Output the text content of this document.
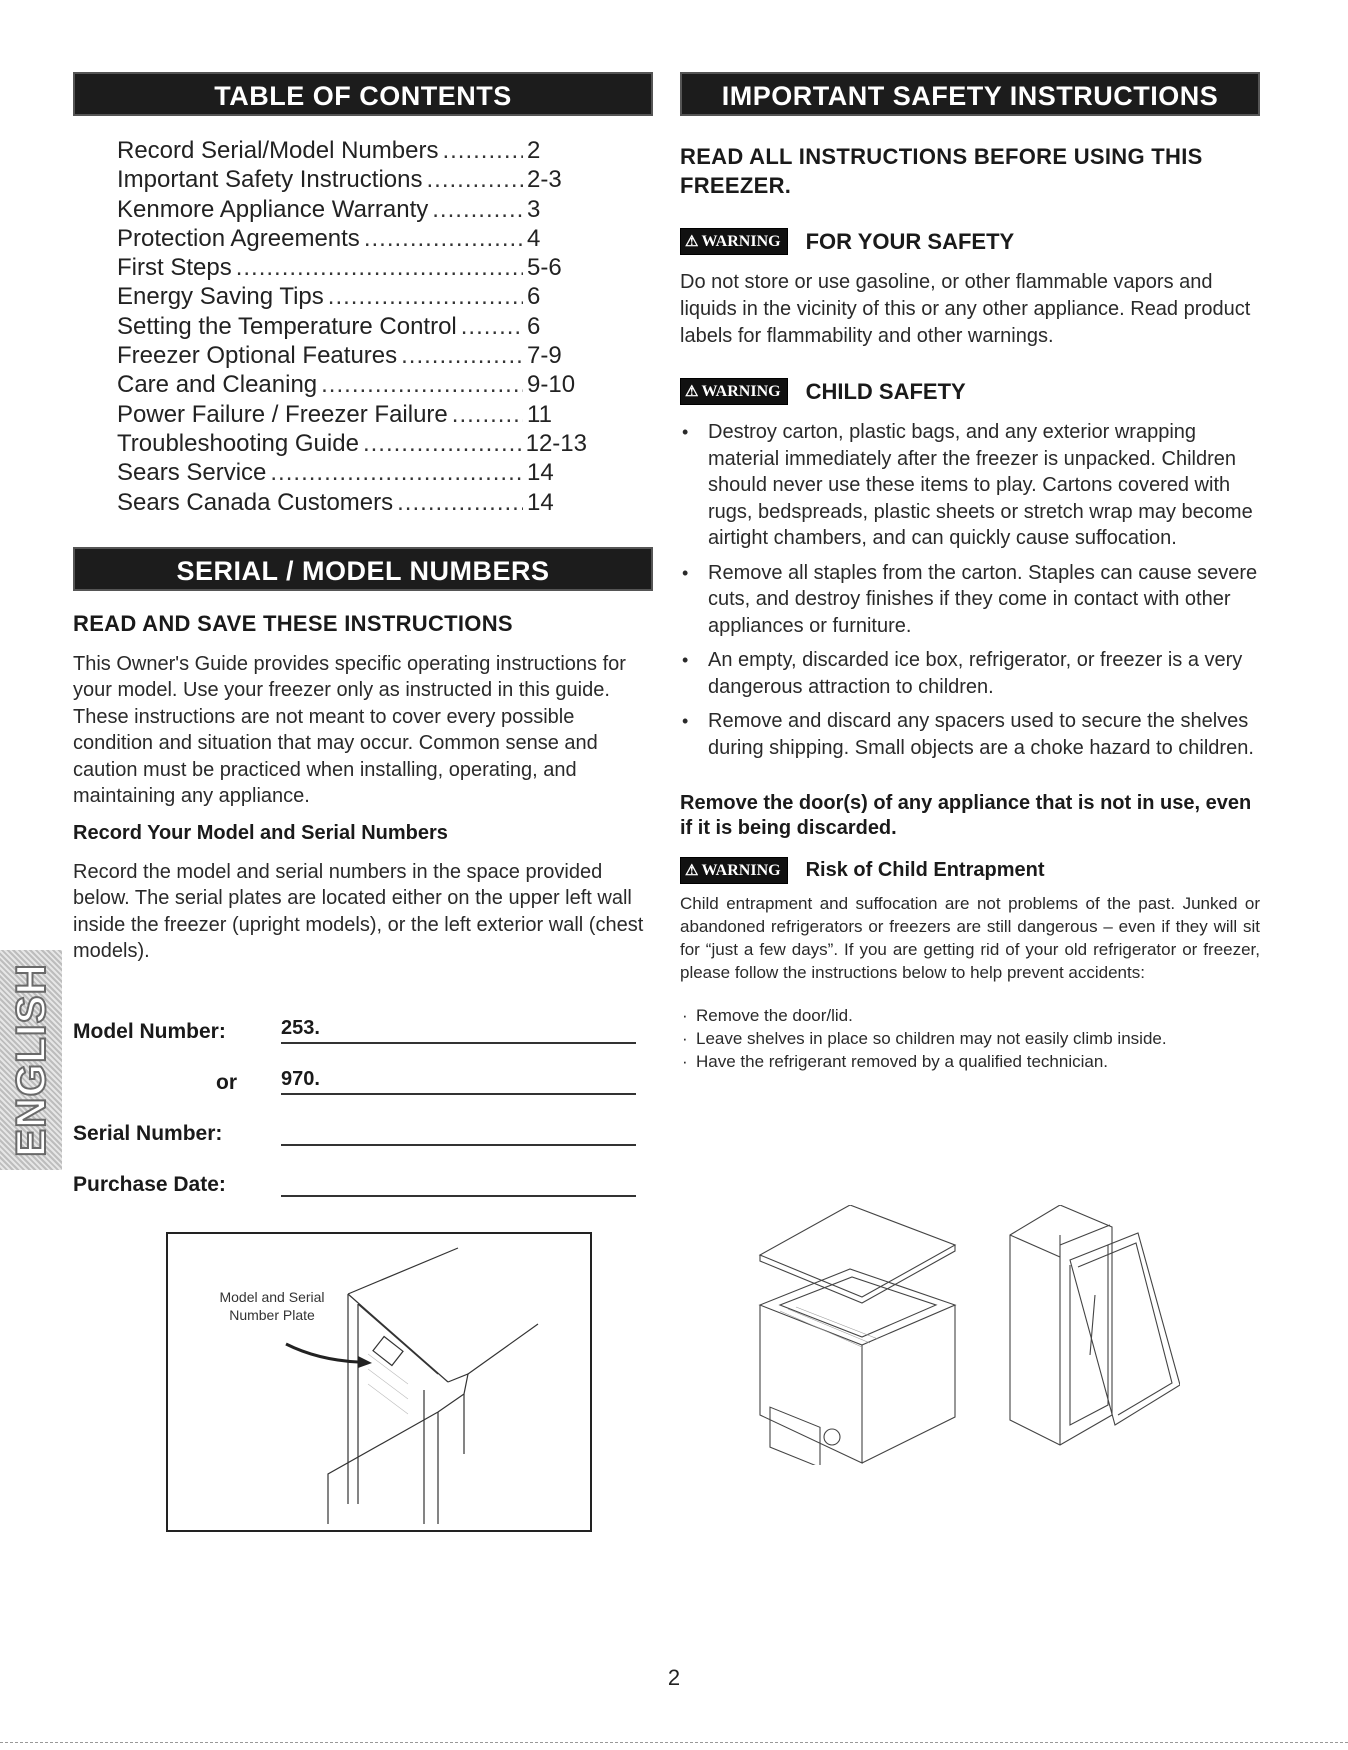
TABLE OF CONTENTS
Record Serial/Model Numbers .....	2
Important Safety Instructions .....	2-3
Kenmore Appliance Warranty .....	3
Protection Agreements .....	4
First Steps .....	5-6
Energy Saving Tips .....	6
Setting the Temperature Control .....	6
Freezer Optional Features .....	7-9
Care and Cleaning .....	9-10
Power Failure / Freezer Failure .....	11
Troubleshooting Guide .....	12-13
Sears Service .....	14
Sears Canada Customers .....	14
SERIAL / MODEL NUMBERS
READ AND SAVE THESE INSTRUCTIONS

This Owner's Guide provides specific operating instructions for your model. Use your freezer only as instructed in this guide. These instructions are not meant to cover every possible condition and situation that may occur. Common sense and caution must be practiced when installing, operating, and maintaining any appliance.

Record Your Model and Serial Numbers

Record the model and serial numbers in the space provided below. The serial plates are located either on the upper left wall inside the freezer (upright models), or the left exterior wall (chest models).

Model Number:	253.
or	970.
Serial Number:
Purchase Date:
ENGLISH
IMPORTANT SAFETY INSTRUCTIONS
READ ALL INSTRUCTIONS BEFORE USING THIS FREEZER.
⚠ WARNING FOR YOUR SAFETY
Do not store or use gasoline, or other flammable vapors and liquids in the vicinity of this or any other appliance. Read product labels for flammability and other warnings.
⚠ WARNING CHILD SAFETY
• Destroy carton, plastic bags, and any exterior wrapping material immediately after the freezer is unpacked. Children should never use these items to play. Cartons covered with rugs, bedspreads, plastic sheets or stretch wrap may become airtight chambers, and can quickly cause suffocation.
• Remove all staples from the carton. Staples can cause severe cuts, and destroy finishes if they come in contact with other appliances or furniture.
• An empty, discarded ice box, refrigerator, or freezer is a very dangerous attraction to children.
• Remove and discard any spacers used to secure the shelves during shipping. Small objects are a choke hazard to children.
Remove the door(s) of any appliance that is not in use, even if it is being discarded.
⚠ WARNING Risk of Child Entrapment
Child entrapment and suffocation are not problems of the past. Junked or abandoned refrigerators or freezers are still dangerous – even if they will sit for “just a few days”. If you are getting rid of your old refrigerator or freezer, please follow the instructions below to help prevent accidents:
· Remove the door/lid.
· Leave shelves in place so children may not easily climb inside.
· Have the refrigerant removed by a qualified technician.
Model and Serial Number Plate
2
